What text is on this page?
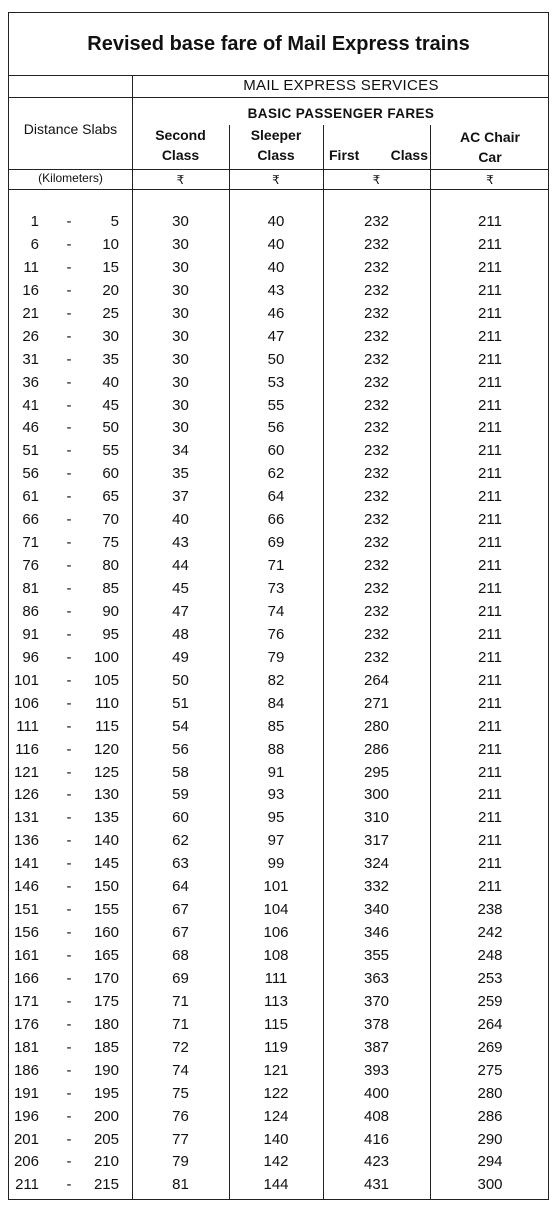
Revised base fare of Mail Express trains
MAIL EXPRESS SERVICES
BASIC PASSENGER FARES
Distance Slabs
(Kilometers)
Second
Class
Sleeper
Class	First Class
AC Chair
Car
₹	₹	₹	₹
1 -	5	30	40	232	211
6 -	10	30	40	232	211
11 -	15	30	40	232	211
16 -	20	30	43	232	211
21 -	25	30	46	232	211
26 -	30	30	47	232	211
31 -	35	30	50	232	211
36 -	40	30	53	232	211
41 -	45	30	55	232	211
46 -	50	30	56	232	211
51 -	55	34	60	232	211
56 -	60	35	62	232	211
61 -	65	37	64	232	211
66 -	70	40	66	232	211
71 -	75	43	69	232	211
76 -	80	44	71	232	211
81 -	85	45	73	232	211
86 -	90	47	74	232	211
91 -	95	48	76	232	211
96 -	100	49	79	232	211
101 -	105	50	82	264	211
106 -	110	51	84	271	211
111 -	115	54	85	280	211
116 -	120	56	88	286	211
121 -	125	58	91	295	211
126 -	130	59	93	300	211
131 -	135	60	95	310	211
136 -	140	62	97	317	211
141 -	145	63	99	324	211
146 -	150	64	101	332	211
151 -	155	67	104	340	238
156 -	160	67	106	346	242
161 -	165	68	108	355	248
166 -	170	69	111	363	253
171 -	175	71	113	370	259
176 -	180	71	115	378	264
181 -	185	72	119	387	269
186 -	190	74	121	393	275
191 -	195	75	122	400	280
196 -	200	76	124	408	286
201 -	205	77	140	416	290
206 -	210	79	142	423	294
211 -	215	81	144	431	300
